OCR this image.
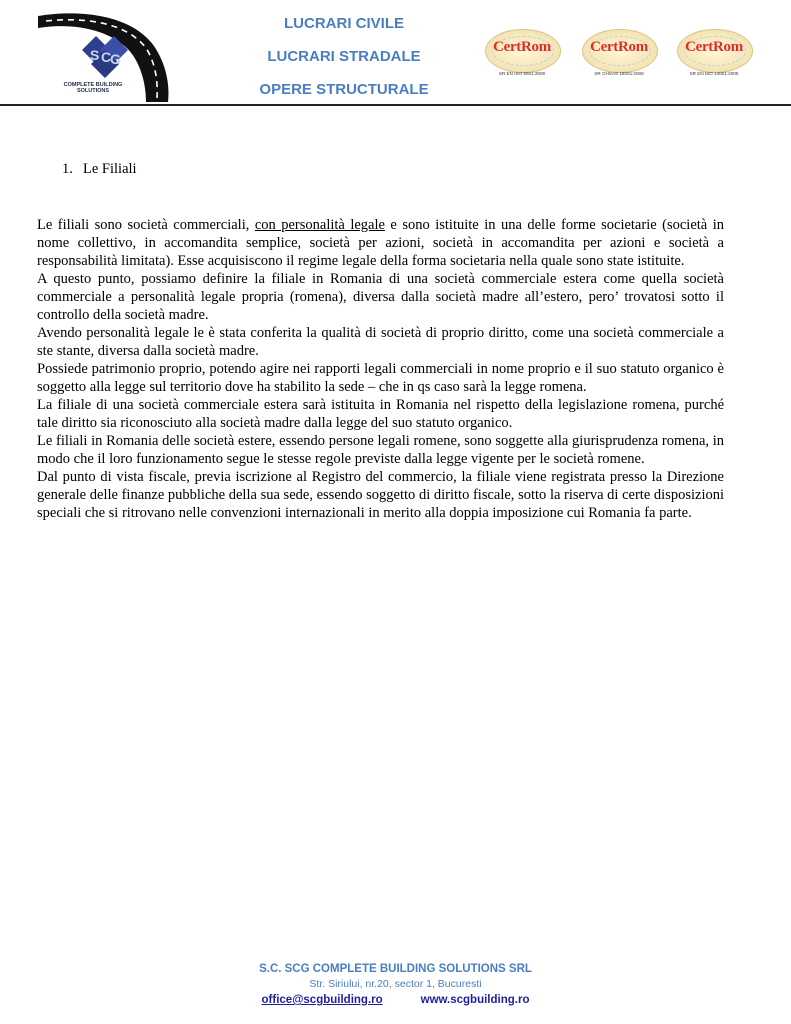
S C
G
COMPLETE BUILDING SOLUTIONS
LUCRARI CIVILE
LUCRARI STRADALE
OPERE STRUCTURALE
CertRom
SR EN ISO 9001:2008
CertRom
SR OHSAS 18001:2008
CertRom
SR EN ISO 14001:2005
1. Le Filiali

Le filiali sono società commerciali, con personalità legale e sono istituite in una delle forme societarie (società in nome collettivo, in accomandita semplice, società per azioni, società in accomandita per azioni e società a responsabilità limitata). Esse acquisiscono il regime legale della forma societaria nella quale sono state istituite.

A questo punto, possiamo definire la filiale in Romania di una società commerciale estera come quella società commerciale a personalità legale propria (romena), diversa dalla società madre all’estero, pero’ trovatosi sotto il controllo della società madre.

Avendo personalità legale le è stata conferita la qualità di società di proprio diritto, come una società commerciale a ste stante, diversa dalla società madre.

Possiede patrimonio proprio, potendo agire nei rapporti legali commerciali in nome proprio e il suo statuto organico è soggetto alla legge sul territorio dove ha stabilito la sede – che in qs caso sarà la legge romena.

La filiale di una società commerciale estera sarà istituita in Romania nel rispetto della legislazione romena, purché tale diritto sia riconosciuto alla società madre dalla legge del suo statuto organico.

Le filiali in Romania delle società estere, essendo persone legali romene, sono soggette alla giurisprudenza romena, in modo che il loro funzionamento segue le stesse regole previste dalla legge vigente per le società romene.

Dal punto di vista fiscale, previa iscrizione al Registro del commercio, la filiale viene registrata presso la Direzione generale delle finanze pubbliche della sua sede, essendo soggetto di diritto fiscale, sotto la riserva di certe disposizioni speciali che si ritrovano nelle convenzioni internazionali in merito alla doppia imposizione cui Romania fa parte.

S.C. SCG COMPLETE BUILDING SOLUTIONS SRL
Str. Siriului, nr.20, sector 1, Bucuresti
office@scgbuilding.ro	www.scgbuilding.ro
